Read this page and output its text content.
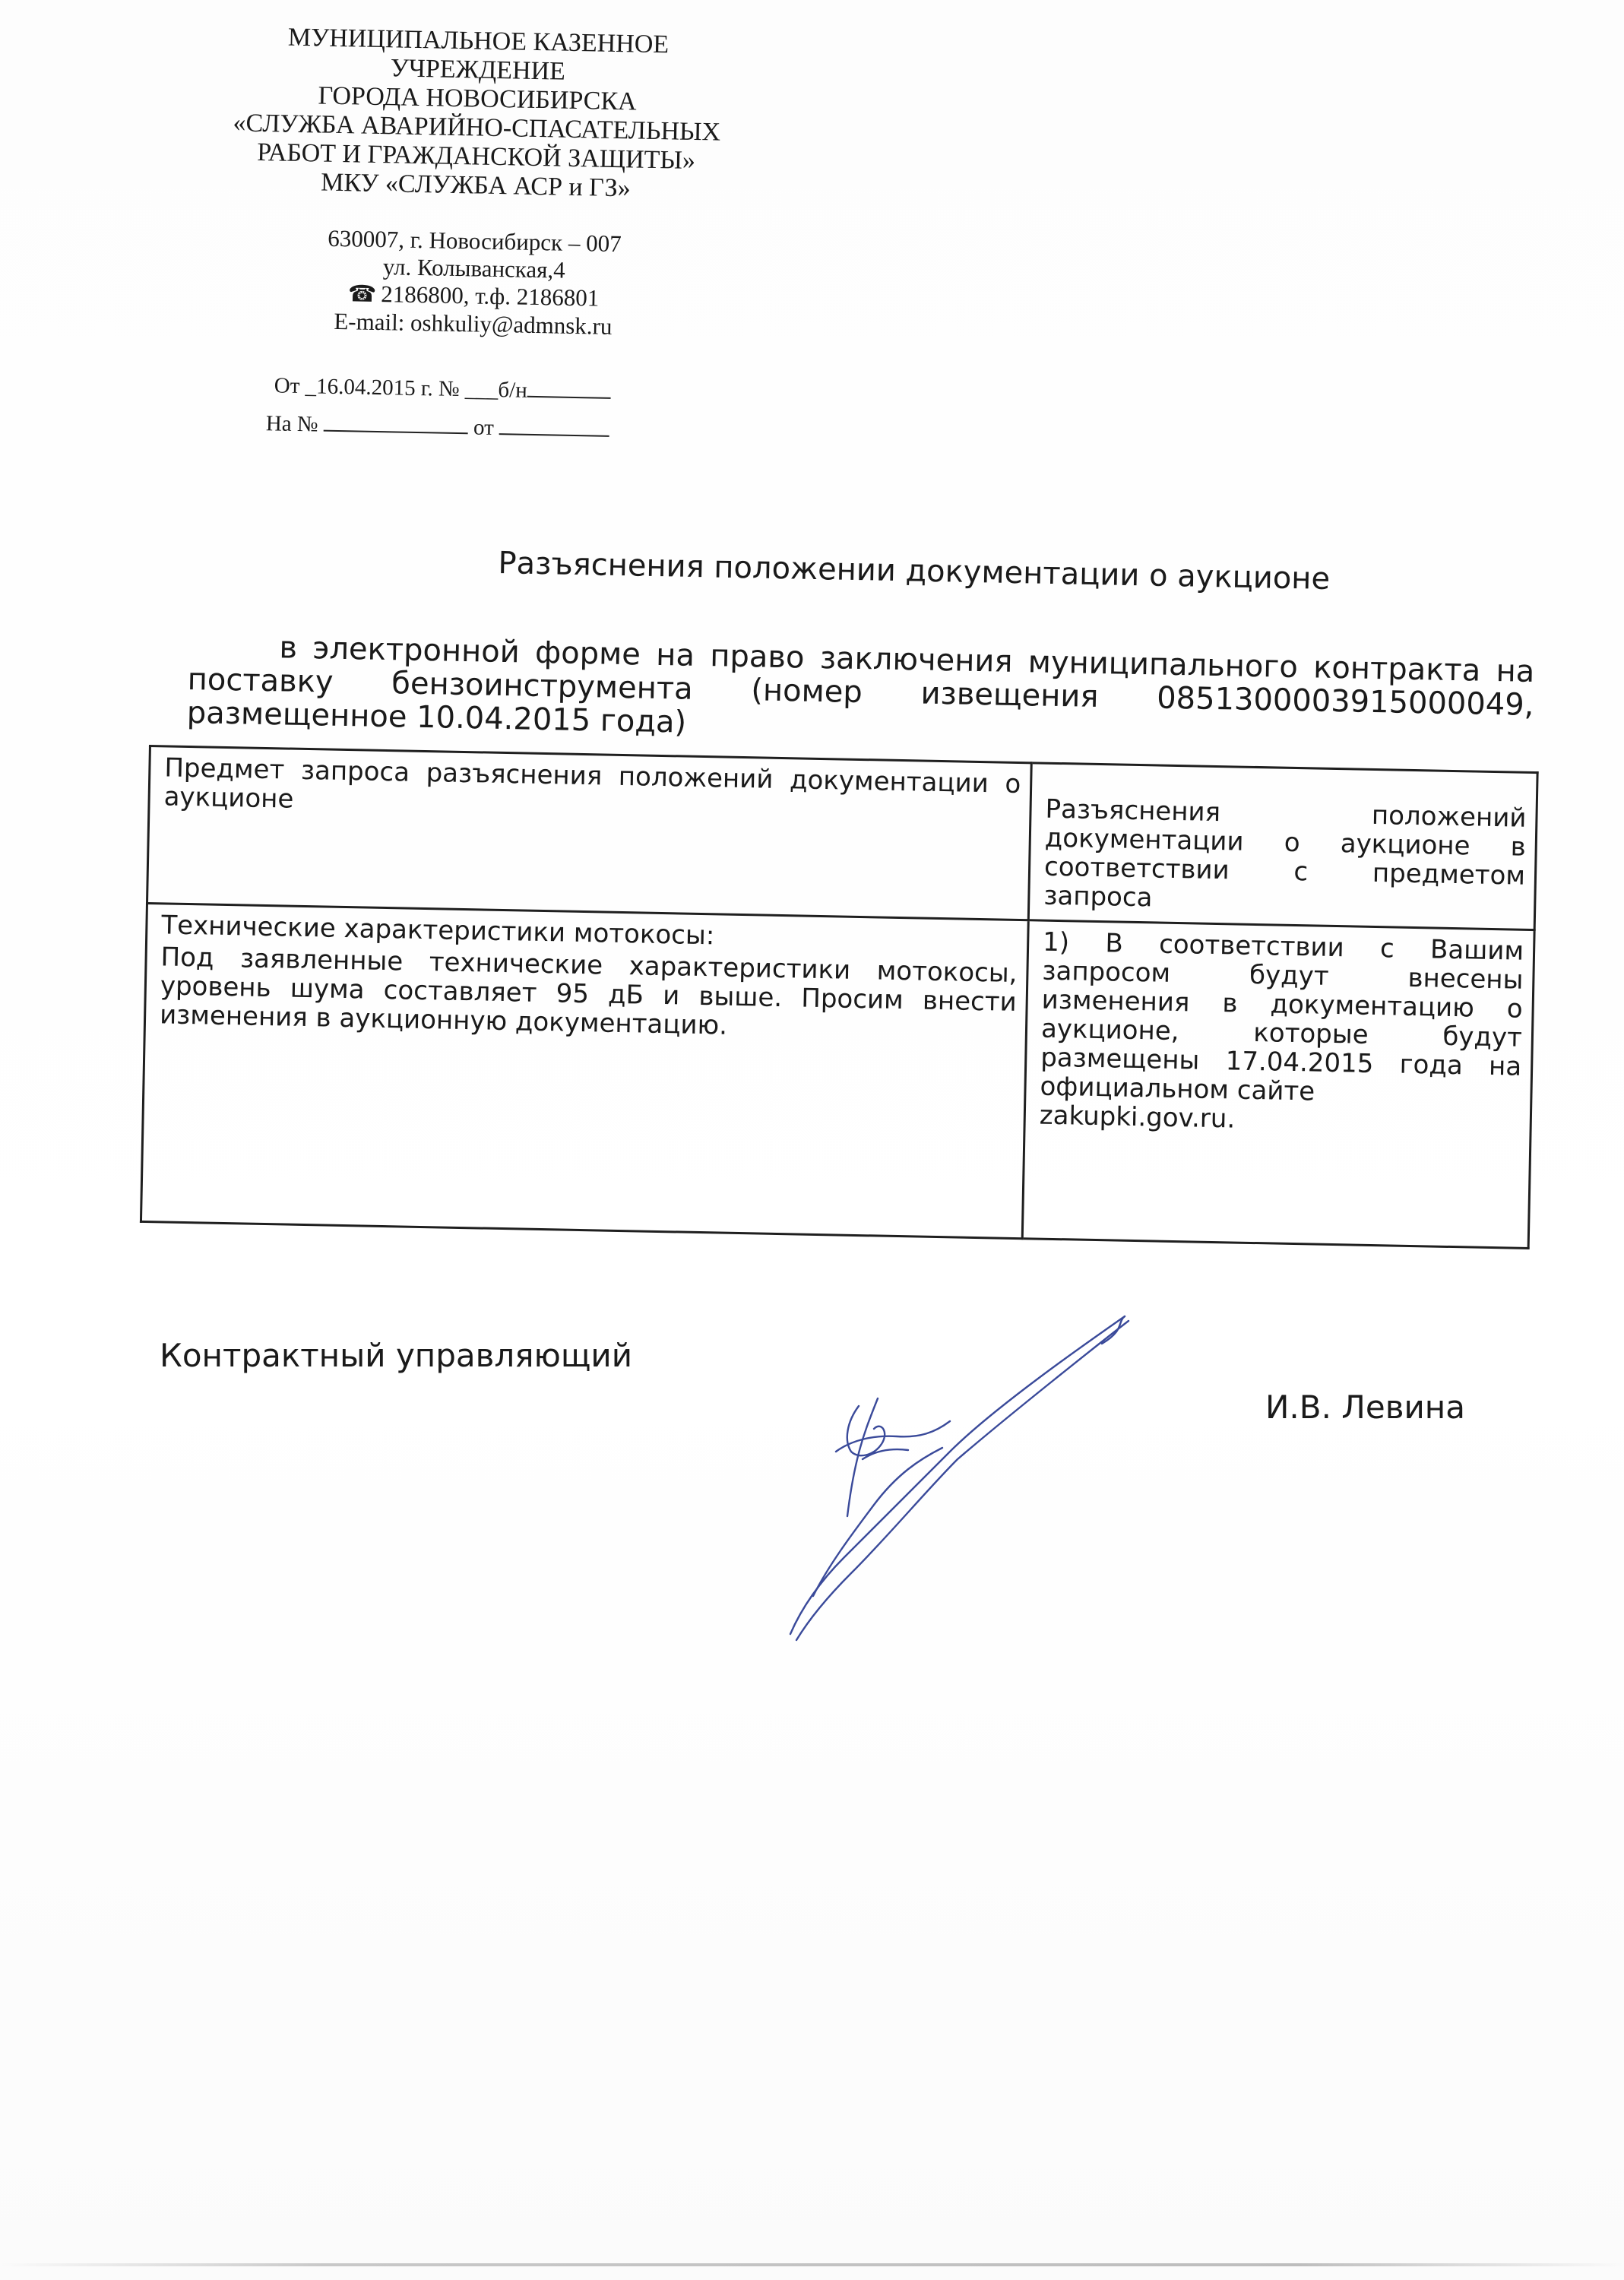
МУНИЦИПАЛЬНОЕ КАЗЕННОЕ
УЧРЕЖДЕНИЕ
ГОРОДА НОВОСИБИРСКА
«СЛУЖБА АВАРИЙНО-СПАСАТЕЛЬНЫХ
РАБОТ И ГРАЖДАНСКОЙ ЗАЩИТЫ»
МКУ «СЛУЖБА АСР и ГЗ»
630007, г. Новосибирск – 007
ул. Колыванская,4
☎ 2186800, т.ф. 2186801
E-mail: oshkuliy@admnsk.ru
От _16.04.2015 г. № ___б/н
На №	от
Разъяснения положении документации о аукционе
в электронной форме на право заключения муниципального контракта на поставку бензоинструмента (номер извещения 0851300003915000049, размещенное 10.04.2015 года)
Предмет запроса разъяснения положений документации о аукционе	Разъяснения положений документации о аукционе в соответствии с предметом запроса

Технические характеристики мотокосы:
Под заявленные технические характеристики мотокосы, уровень шума составляет 95 дБ и выше. Просим внести изменения в аукционную документацию.	1) В соответствии с Вашим запросом будут внесены изменения в документацию о аукционе, которые будут размещены 17.04.2015 года на официальном сайте
zakupki.gov.ru.
Контрактный управляющий
И.В. Левина
